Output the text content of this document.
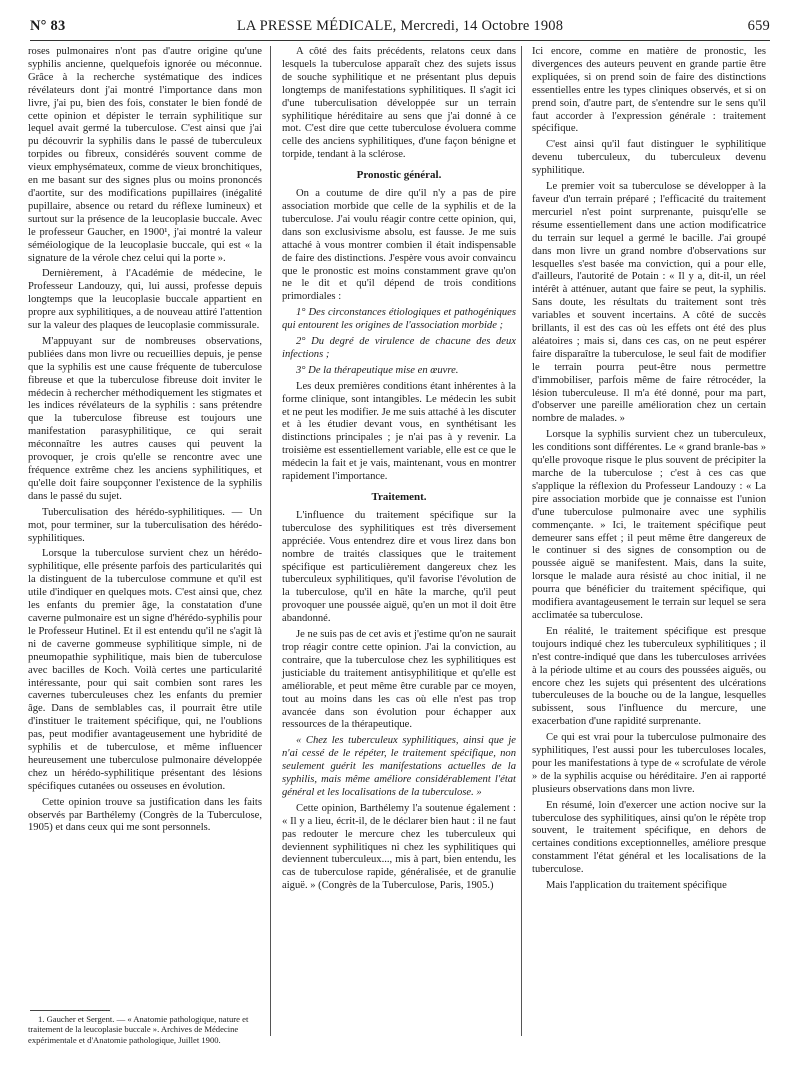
N° 83	LA PRESSE MÉDICALE, Mercredi, 14 Octobre 1908	659

roses pulmonaires n'ont pas d'autre origine qu'une syphilis ancienne, quelquefois ignorée ou méconnue. Grâce à la recherche systématique des indices révélateurs dont j'ai montré l'importance dans mon livre, j'ai pu, bien des fois, constater le bien fondé de cette opinion et dépister le terrain syphilitique sur lequel avait germé la tuberculose. C'est ainsi que j'ai pu découvrir la syphilis dans le passé de tuberculeux torpides ou fibreux, considérés souvent comme de vieux emphysémateux, comme de vieux bronchitiques, en me basant sur des signes plus ou moins prononcés d'aortite, sur des modifications pupillaires (inégalité pupillaire, absence ou retard du réflexe lumineux) et surtout sur la présence de la leucoplasie buccale. Avec le professeur Gaucher, en 1900¹, j'ai montré la valeur séméiologique de la leucoplasie buccale, qui est « la signature de la vérole chez celui qui la porte ».

Dernièrement, à l'Académie de médecine, le Professeur Landouzy, qui, lui aussi, professe depuis longtemps que la leucoplasie buccale appartient en propre aux syphilitiques, a de nouveau attiré l'attention sur la valeur des plaques de leucoplasie commissurale.

M'appuyant sur de nombreuses observations, publiées dans mon livre ou recueillies depuis, je pense que la syphilis est une cause fréquente de tuberculose fibreuse et que la tuberculose fibreuse doit inviter le médecin à rechercher méthodiquement les stigmates et les indices révélateurs de la syphilis : sans prétendre que la tuberculose fibreuse est toujours une manifestation parasyphilitique, ce qui serait méconnaître les autres causes qui peuvent la provoquer, je crois qu'elle se rencontre avec une fréquence extrême chez les anciens syphilitiques, et qu'elle doit faire soupçonner l'existence de la syphilis dans le passé du sujet.

Tuberculisation des hérédo-syphilitiques. — Un mot, pour terminer, sur la tuberculisation des hérédo-syphilitiques.

Lorsque la tuberculose survient chez un hérédo-syphilitique, elle présente parfois des particularités qui la distinguent de la tuberculose commune et qu'il est utile d'indiquer en quelques mots. C'est ainsi que, chez les enfants du premier âge, la constatation d'une caverne pulmonaire est un signe d'hérédo-syphilis pour le Professeur Hutinel. Et il est entendu qu'il ne s'agit là ni de caverne gommeuse syphilitique simple, ni de pneumopathie syphilitique, mais bien de tuberculose avec bacilles de Koch. Voilà certes une particularité intéressante, pour qui sait combien sont rares les cavernes tuberculeuses chez les enfants du premier âge. Dans de semblables cas, il pourrait être utile d'instituer le traitement spécifique, qui, ne l'oublions pas, peut modifier avantageusement une hybridité de syphilis et de tuberculose, et même influencer heureusement une tuberculose pulmonaire développée chez un hérédo-syphilitique présentant des lésions spécifiques cutanées ou osseuses en évolution.

Cette opinion trouve sa justification dans les faits observés par Barthélemy (Congrès de la Tuberculose, 1905) et dans ceux qui me sont personnels.

1. Gaucher et Sergent. — « Anatomie pathologique, nature et traitement de la leucoplasie buccale ». Archives de Médecine expérimentale et d'Anatomie pathologique, Juillet 1900.

A côté des faits précédents, relatons ceux dans lesquels la tuberculose apparaît chez des sujets issus de souche syphilitique et ne présentant plus depuis longtemps de manifestations syphilitiques. Il s'agit ici d'une tuberculisation développée sur un terrain syphilitique héréditaire au sens que j'ai donné à ce mot. C'est dire que cette tuberculose évoluera comme celle des anciens syphilitiques, d'une façon bénigne et torpide, tendant à la sclérose.

Pronostic général.

On a coutume de dire qu'il n'y a pas de pire association morbide que celle de la syphilis et de la tuberculose. J'ai voulu réagir contre cette opinion, qui, dans son exclusivisme absolu, est fausse. Je me suis attaché à vous montrer combien il était indispensable de faire des distinctions. J'espère vous avoir convaincu que le pronostic est moins constamment grave qu'on ne le dit et qu'il dépend de trois conditions primordiales :

1° Des circonstances étiologiques et pathogéniques qui entourent les origines de l'association morbide ;

2° Du degré de virulence de chacune des deux infections ;

3° De la thérapeutique mise en œuvre.

Les deux premières conditions étant inhérentes à la forme clinique, sont intangibles. Le médecin les subit et ne peut les modifier. Je me suis attaché à les discuter et à les étudier devant vous, en synthétisant les distinctions principales ; je n'ai pas à y revenir. La troisième est essentiellement variable, elle est ce que le médecin la fait et je vais, maintenant, vous en montrer rapidement l'importance.

Traitement.

L'influence du traitement spécifique sur la tuberculose des syphilitiques est très diversement appréciée. Vous entendrez dire et vous lirez dans bon nombre de traités classiques que le traitement spécifique est particulièrement dangereux chez les tuberculeux syphilitiques, qu'il favorise l'évolution de la tuberculose, qu'il en hâte la marche, qu'il peut provoquer une poussée aiguë, qu'en un mot il doit être abandonné.

Je ne suis pas de cet avis et j'estime qu'on ne saurait trop réagir contre cette opinion. J'ai la conviction, au contraire, que la tuberculose chez les syphilitiques est justiciable du traitement antisyphilitique et qu'elle est améliorable, et peut même être curable par ce moyen, tout au moins dans les cas où elle n'est pas trop avancée dans son évolution pour échapper aux ressources de la thérapeutique.

« Chez les tuberculeux syphilitiques, ainsi que je n'ai cessé de le répéter, le traitement spécifique, non seulement guérit les manifestations actuelles de la syphilis, mais même améliore considérablement l'état général et les localisations de la tuberculose. »

Cette opinion, Barthélemy l'a soutenue également : « Il y a lieu, écrit-il, de le déclarer bien haut : il ne faut pas redouter le mercure chez les tuberculeux qui deviennent syphilitiques ni chez les syphilitiques qui deviennent tuberculeux..., mis à part, bien entendu, les cas de tuberculose rapide, généralisée, et de granulie aiguë. » (Congrès de la Tuberculose, Paris, 1905.)

Ici encore, comme en matière de pronostic, les divergences des auteurs peuvent en grande partie être expliquées, si on prend soin de faire des distinctions essentielles entre les types cliniques observés, et si on prend soin, d'autre part, de s'entendre sur le sens qu'il faut accorder à l'expression générale : traitement spécifique.

C'est ainsi qu'il faut distinguer le syphilitique devenu tuberculeux, du tuberculeux devenu syphilitique.

Le premier voit sa tuberculose se développer à la faveur d'un terrain préparé ; l'efficacité du traitement mercuriel n'est point surprenante, puisqu'elle se résume essentiellement dans une action modificatrice du terrain sur lequel a germé le bacille. J'ai groupé dans mon livre un grand nombre d'observations sur lesquelles s'est basée ma conviction, qui a pour elle, d'ailleurs, l'autorité de Potain : « Il y a, dit-il, un réel intérêt à atténuer, autant que faire se peut, la syphilis. Sans doute, les résultats du traitement sont très variables et souvent incertains. A côté de succès brillants, il est des cas où les effets ont été des plus aléatoires ; mais si, dans ces cas, on ne peut espérer faire disparaître la tuberculose, le seul fait de modifier le terrain pourra peut-être nous permettre d'immobiliser, parfois même de faire rétrocéder, la lésion tuberculeuse. Il m'a été donné, pour ma part, d'observer une pareille amélioration chez un certain nombre de malades. »

Lorsque la syphilis survient chez un tuberculeux, les conditions sont différentes. Le « grand branle-bas » qu'elle provoque risque le plus souvent de précipiter la marche de la tuberculose ; c'est à ces cas que s'applique la réflexion du Professeur Landouzy : « La pire association morbide que je connaisse est l'union d'une tuberculose pulmonaire avec une syphilis commençante. » Ici, le traitement spécifique peut demeurer sans effet ; il peut même être dangereux de le continuer si des signes de consomption ou de poussée aiguë se manifestent. Mais, dans la suite, lorsque le malade aura résisté au choc initial, il ne pourra que bénéficier du traitement spécifique, qui modifiera avantageusement le terrain sur lequel se sera acclimatée sa tuberculose.

En réalité, le traitement spécifique est presque toujours indiqué chez les tuberculeux syphilitiques ; il n'est contre-indiqué que dans les tuberculoses arrivées à la période ultime et au cours des poussées aiguës, ou encore chez les sujets qui présentent des ulcérations tuberculeuses de la bouche ou de la langue, lesquelles subissent, sous l'influence du mercure, une exacerbation d'une rapidité surprenante.

Ce qui est vrai pour la tuberculose pulmonaire des syphilitiques, l'est aussi pour les tuberculoses locales, pour les manifestations à type de « scrofulate de vérole » de la syphilis acquise ou héréditaire. J'en ai rapporté plusieurs observations dans mon livre.

En résumé, loin d'exercer une action nocive sur la tuberculose des syphilitiques, ainsi qu'on le répète trop souvent, le traitement spécifique, en dehors de certaines conditions exceptionnelles, améliore presque constamment l'état général et les localisations de la tuberculose.

Mais l'application du traitement spécifique
